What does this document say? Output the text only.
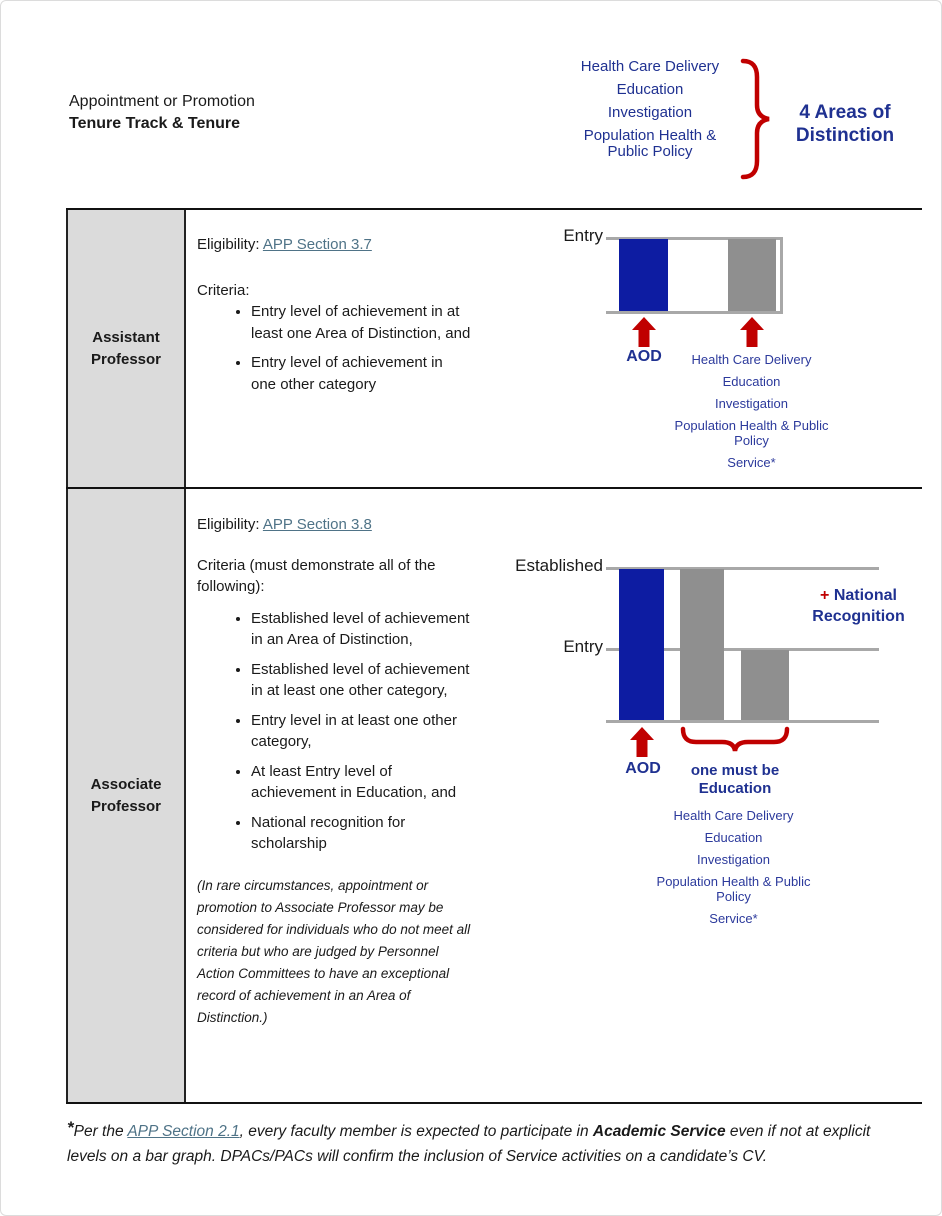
Appointment or Promotion
Tenure Track & Tenure
Health Care Delivery
Education
Investigation
Population Health & Public Policy
4 Areas of Distinction
Assistant Professor
Eligibility: APP Section 3.7
Criteria:
• Entry level of achievement in at least one Area of Distinction, and
• Entry level of achievement in one other category
Associate Professor
Eligibility: APP Section 3.8
Criteria (must demonstrate all of the following):
• Established level of achievement in an Area of Distinction,
• Established level of achievement in at least one other category,
• Entry level in at least one other category,
• At least Entry level of achievement in Education, and
• National recognition for scholarship
(In rare circumstances, appointment or promotion to Associate Professor may be considered for individuals who do not meet all criteria but who are judged by Personnel Action Committees to have an exceptional record of achievement in an Area of Distinction.)
Entry
AOD	Health Care Delivery
Education
Investigation
Population Health & Public Policy
Service*
Established
Entry
+ National Recognition
AOD	one must be Education
Health Care Delivery
Education
Investigation
Population Health & Public Policy
Service*
*Per the APP Section 2.1, every faculty member is expected to participate in Academic Service even if not at explicit levels on a bar graph. DPACs/PACs will confirm the inclusion of Service activities on a candidate’s CV.
